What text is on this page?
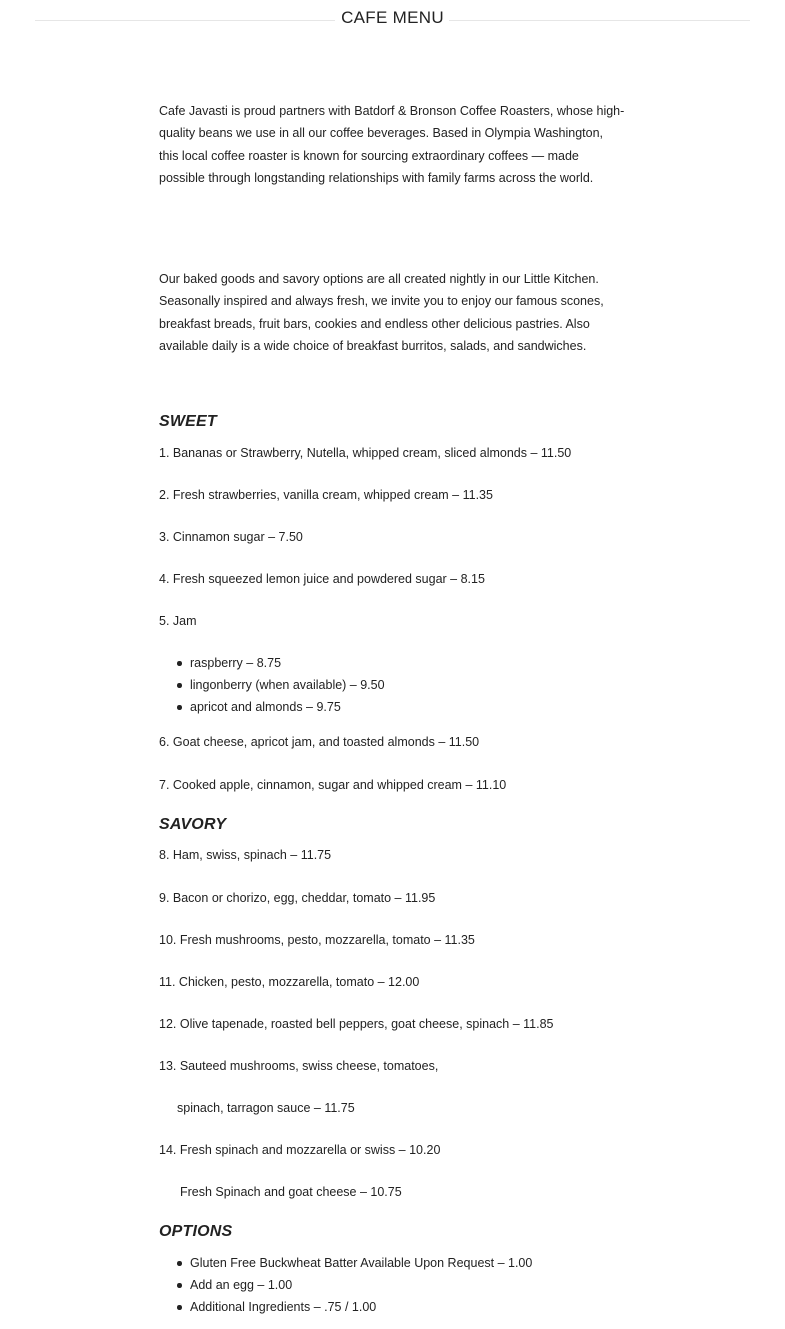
CAFE MENU

Cafe Javasti is proud partners with Batdorf & Bronson Coffee Roasters, whose high-quality beans we use in all our coffee beverages. Based in Olympia Washington, this local coffee roaster is known for sourcing extraordinary coffees — made possible through longstanding relationships with family farms across the world.

Our baked goods and savory options are all created nightly in our Little Kitchen. Seasonally inspired and always fresh, we invite you to enjoy our famous scones, breakfast breads, fruit bars, cookies and endless other delicious pastries. Also available daily is a wide choice of breakfast burritos, salads, and sandwiches.

SWEET

1. Bananas or Strawberry, Nutella, whipped cream, sliced almonds – 11.50

2. Fresh strawberries, vanilla cream, whipped cream – 11.35

3. Cinnamon sugar – 7.50

4. Fresh squeezed lemon juice and powdered sugar – 8.15

5. Jam

raspberry – 8.75
lingonberry (when available) – 9.50
apricot and almonds – 9.75

6. Goat cheese, apricot jam, and toasted almonds – 11.50

7. Cooked apple, cinnamon, sugar and whipped cream – 11.10

SAVORY

8. Ham, swiss, spinach – 11.75

9. Bacon or chorizo, egg, cheddar, tomato – 11.95

10. Fresh mushrooms, pesto, mozzarella, tomato – 11.35

11. Chicken, pesto, mozzarella, tomato – 12.00

12. Olive tapenade, roasted bell peppers, goat cheese, spinach – 11.85

13. Sauteed mushrooms, swiss cheese, tomatoes,

spinach, tarragon sauce – 11.75

14. Fresh spinach and mozzarella or swiss – 10.20

Fresh Spinach and goat cheese – 10.75

OPTIONS
Gluten Free Buckwheat Batter Available Upon Request – 1.00
Add an egg – 1.00
Additional Ingredients – .75 / 1.00
